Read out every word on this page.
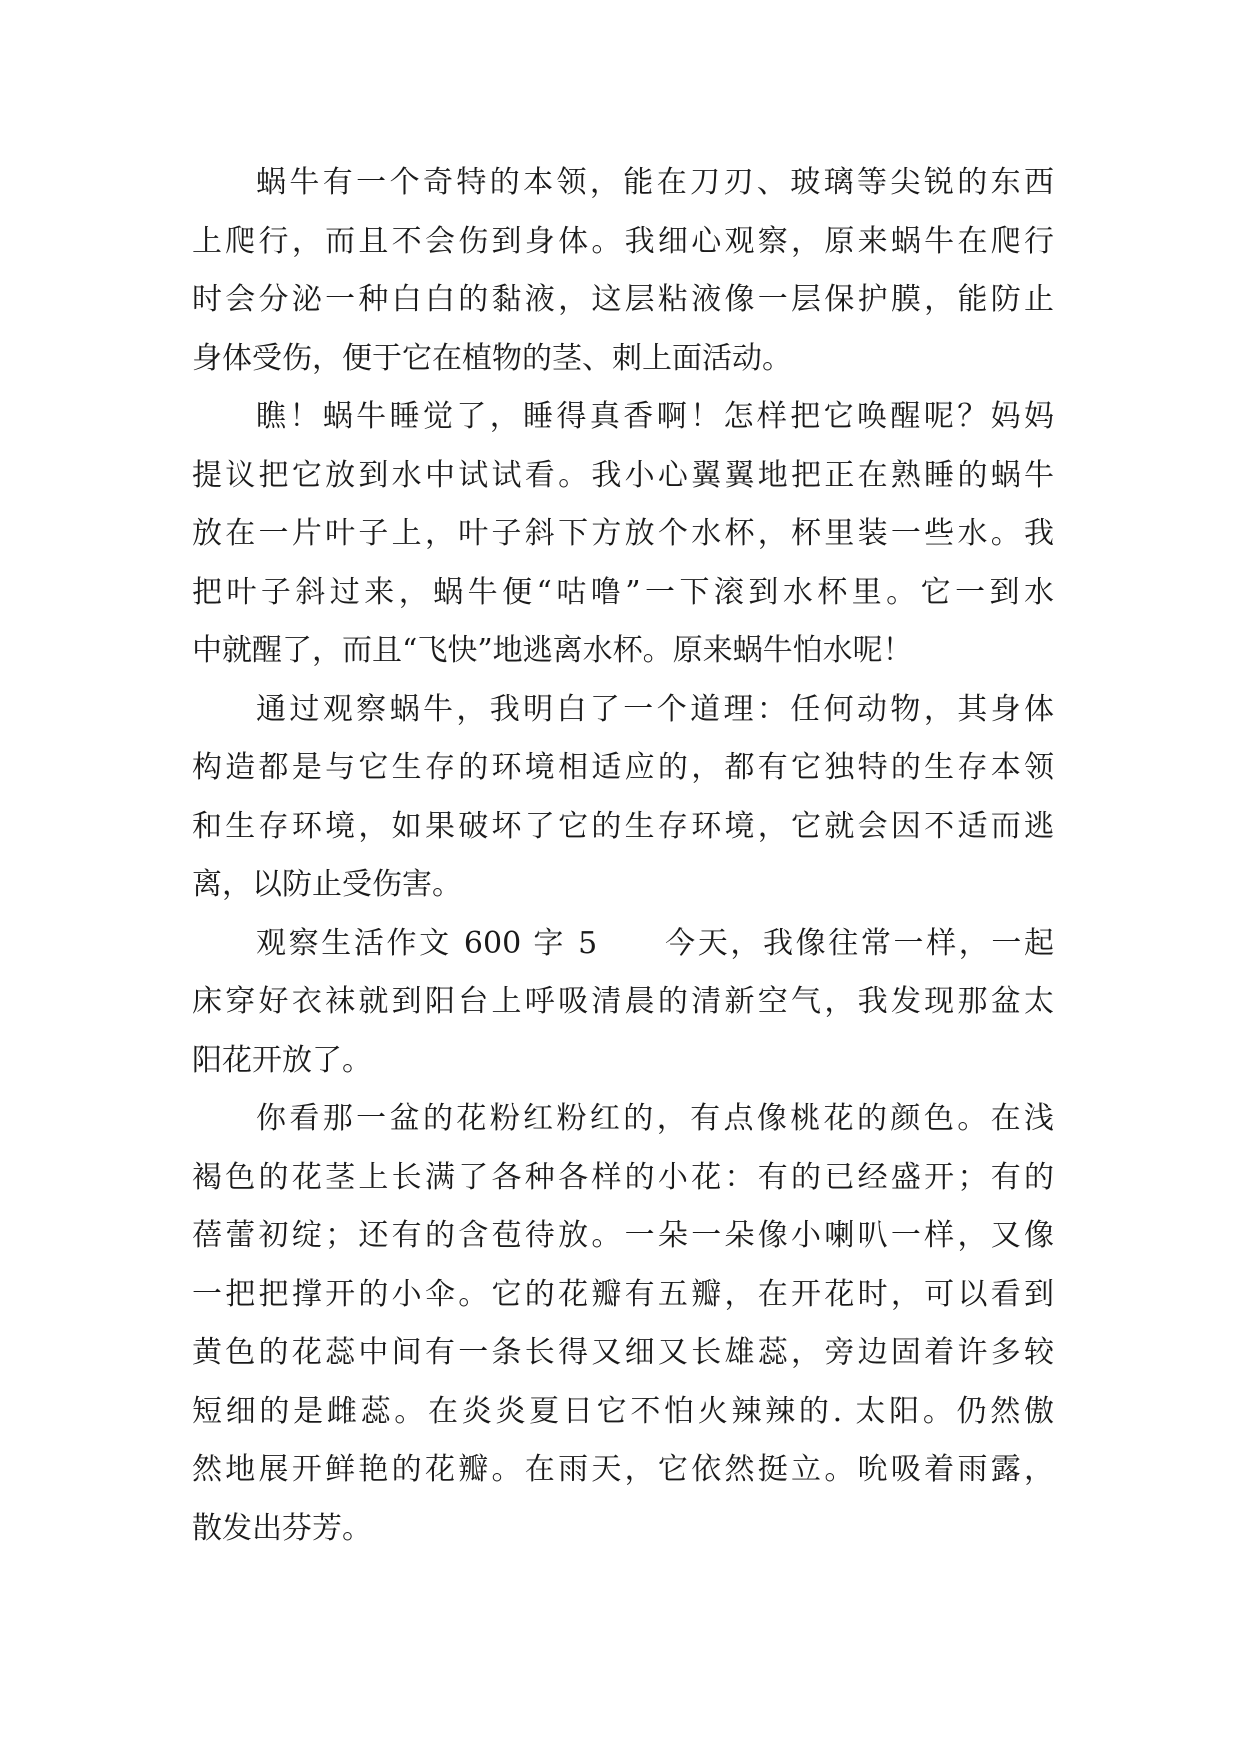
蜗牛有一个奇特的本领，能在刀刃、玻璃等尖锐的东西
上爬行，而且不会伤到身体。我细心观察，原来蜗牛在爬行
时会分泌一种白白的黏液，这层粘液像一层保护膜，能防止
身体受伤，便于它在植物的茎、刺上面活动。
瞧！蜗牛睡觉了，睡得真香啊！怎样把它唤醒呢？妈妈
提议把它放到水中试试看。我小心翼翼地把正在熟睡的蜗牛
放在一片叶子上，叶子斜下方放个水杯，杯里装一些水。我
把叶子斜过来，蜗牛便“咕噜”一下滚到水杯里。它一到水
中就醒了，而且“飞快”地逃离水杯。原来蜗牛怕水呢！
通过观察蜗牛，我明白了一个道理：任何动物，其身体
构造都是与它生存的环境相适应的，都有它独特的生存本领
和生存环境，如果破坏了它的生存环境，它就会因不适而逃
离，以防止受伤害。
观察生活作文 600 字 5　　今天，我像往常一样，一起
床穿好衣袜就到阳台上呼吸清晨的清新空气，我发现那盆太
阳花开放了。
你看那一盆的花粉红粉红的，有点像桃花的颜色。在浅
褐色的花茎上长满了各种各样的小花：有的已经盛开；有的
蓓蕾初绽；还有的含苞待放。一朵一朵像小喇叭一样，又像
一把把撑开的小伞。它的花瓣有五瓣，在开花时，可以看到
黄色的花蕊中间有一条长得又细又长雄蕊，旁边固着许多较
短细的是雌蕊。在炎炎夏日它不怕火辣辣的. 太阳。仍然傲
然地展开鲜艳的花瓣。在雨天，它依然挺立。吮吸着雨露，
散发出芬芳。
